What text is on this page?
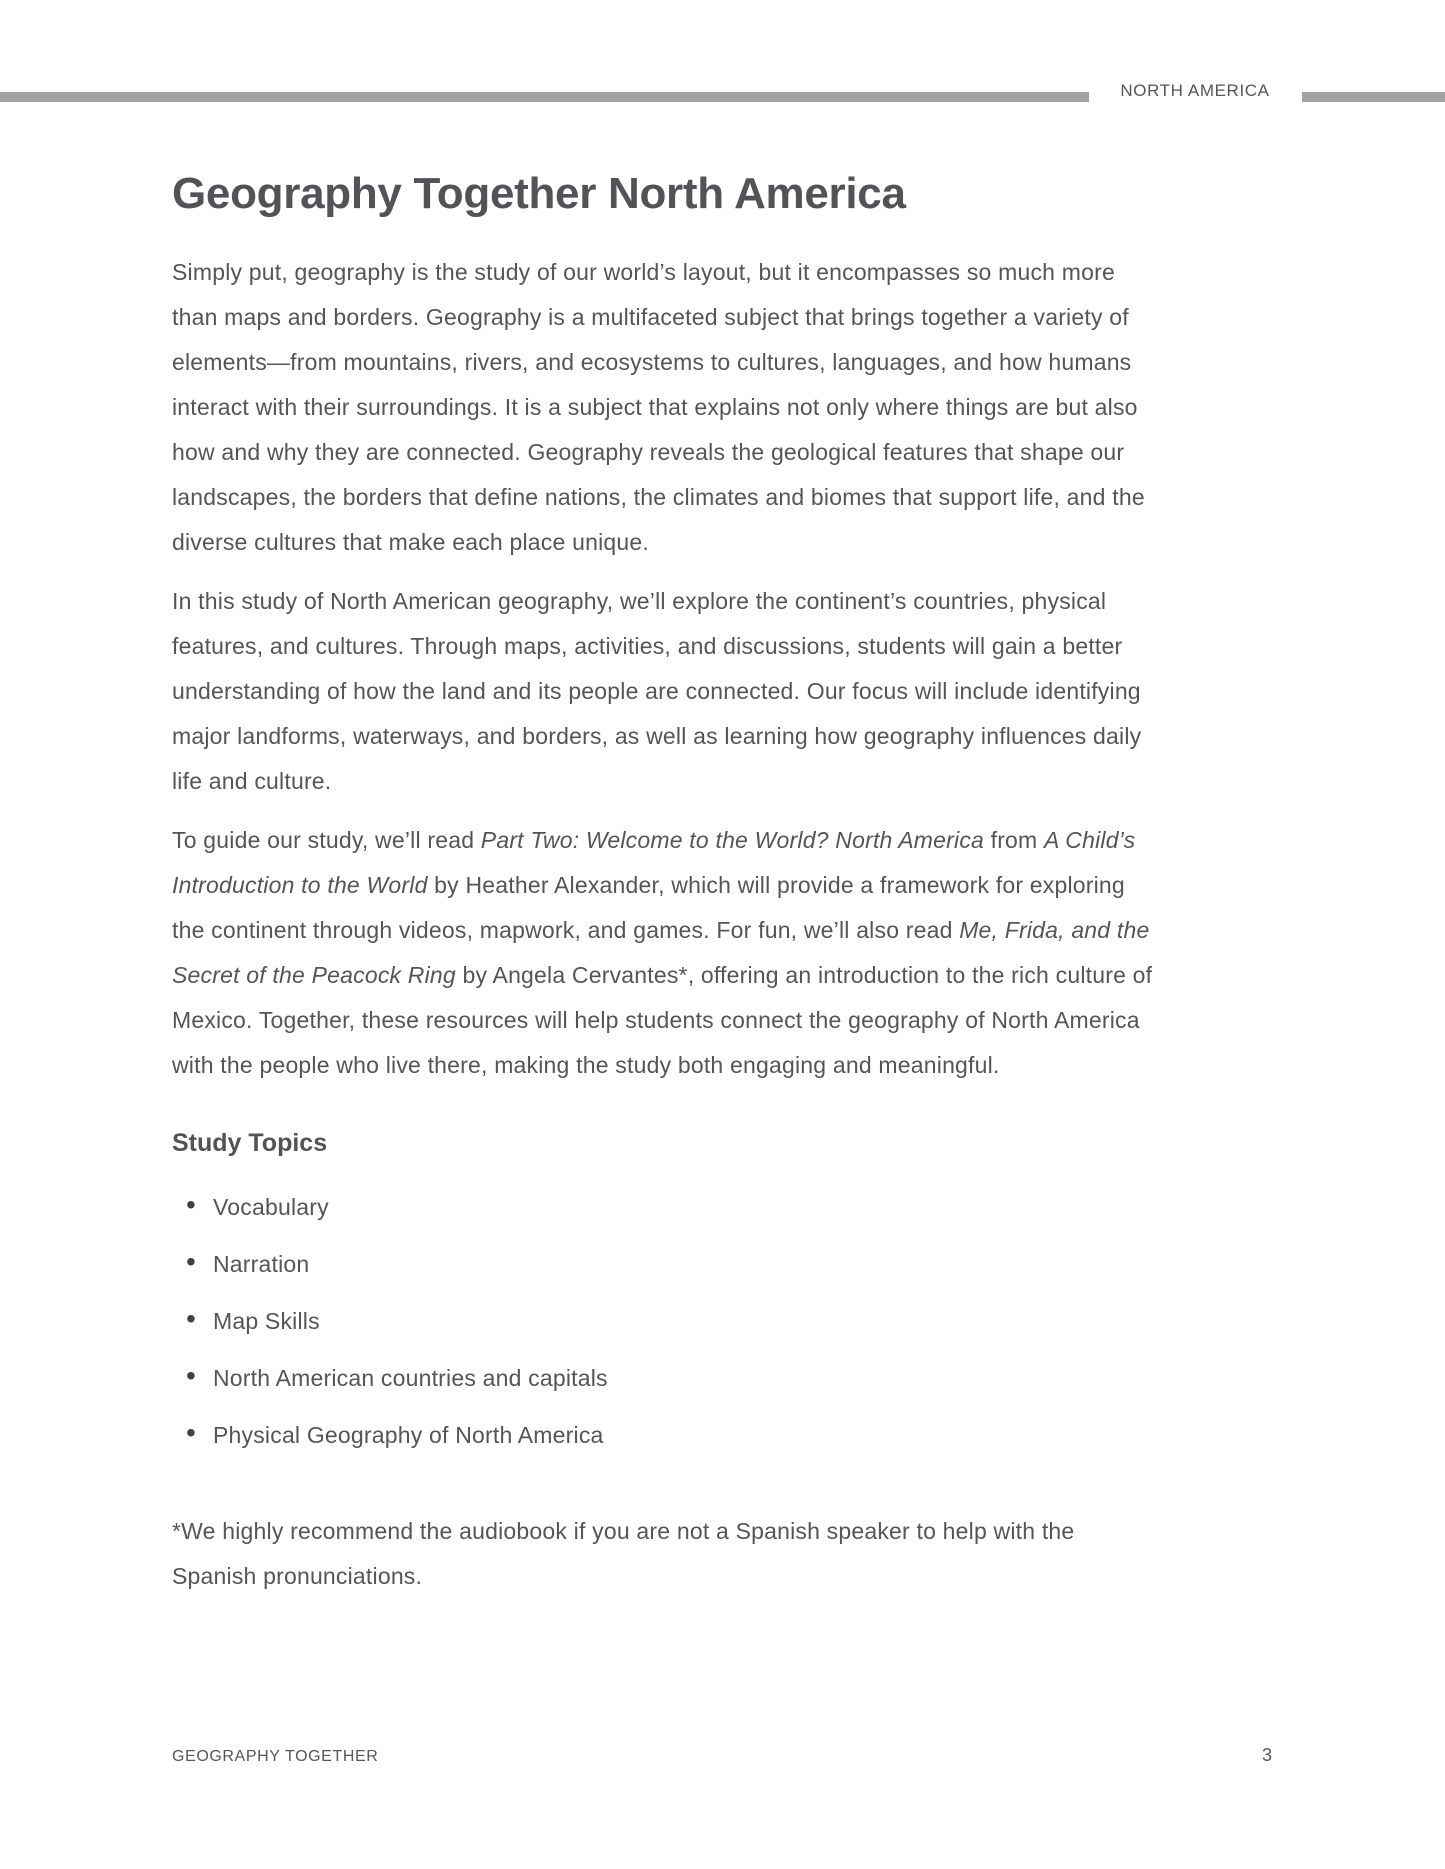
NORTH AMERICA
Geography Together North America

Simply put, geography is the study of our world’s layout, but it encompasses so much more
than maps and borders. Geography is a multifaceted subject that brings together a variety of
elements—from mountains, rivers, and ecosystems to cultures, languages, and how humans
interact with their surroundings. It is a subject that explains not only where things are but also
how and why they are connected. Geography reveals the geological features that shape our
landscapes, the borders that define nations, the climates and biomes that support life, and the
diverse cultures that make each place unique.

In this study of North American geography, we’ll explore the continent’s countries, physical
features, and cultures. Through maps, activities, and discussions, students will gain a better
understanding of how the land and its people are connected. Our focus will include identifying
major landforms, waterways, and borders, as well as learning how geography influences daily
life and culture.

To guide our study, we’ll read Part Two: Welcome to the World? North America from A Child’s
Introduction to the World by Heather Alexander, which will provide a framework for exploring
the continent through videos, mapwork, and games. For fun, we’ll also read Me, Frida, and the
Secret of the Peacock Ring by Angela Cervantes*, offering an introduction to the rich culture of
Mexico. Together, these resources will help students connect the geography of North America
with the people who live there, making the study both engaging and meaningful.

Study Topics
• Vocabulary
• Narration
• Map Skills
• North American countries and capitals
• Physical Geography of North America

*We highly recommend the audiobook if you are not a Spanish speaker to help with the
Spanish pronunciations.

GEOGRAPHY TOGETHER	3
